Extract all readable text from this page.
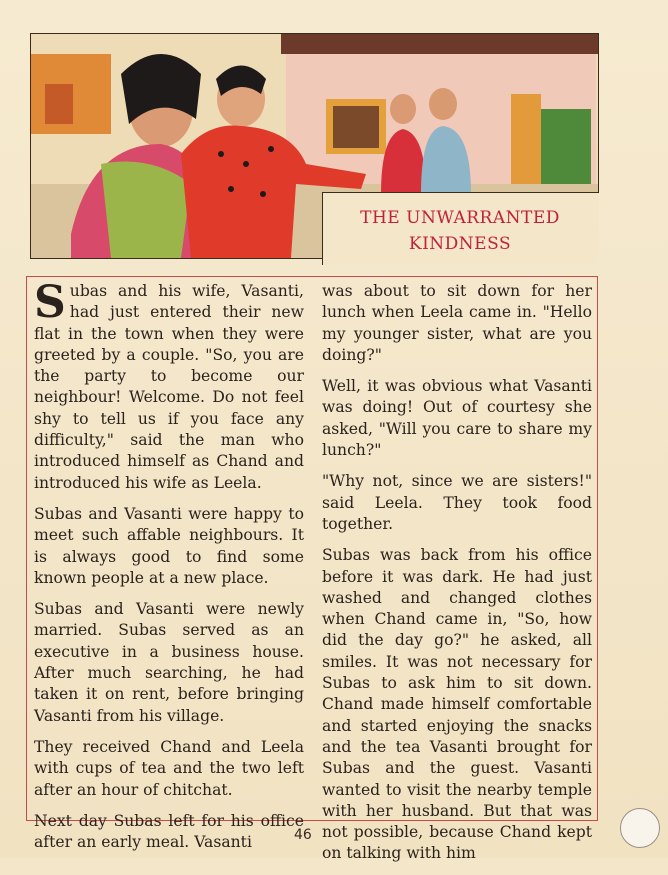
THE UNWARRANTED
KINDNESS

Subas and his wife, Vasanti, had just entered their new flat in the town when they were greeted by a couple. "So, you are the party to become our neighbour! Welcome. Do not feel shy to tell us if you face any difficulty," said the man who introduced himself as Chand and introduced his wife as Leela.

Subas and Vasanti were happy to meet such affable neighbours. It is always good to find some known people at a new place.

Subas and Vasanti were newly married. Subas served as an executive in a business house. After much searching, he had taken it on rent, before bringing Vasanti from his village.

They received Chand and Leela with cups of tea and the two left after an hour of chitchat.

Next day Subas left for his office after an early meal. Vasanti

was about to sit down for her lunch when Leela came in. "Hello my younger sister, what are you doing?"

Well, it was obvious what Vasanti was doing! Out of courtesy she asked, "Will you care to share my lunch?"

"Why not, since we are sisters!" said Leela. They took food together.

Subas was back from his office before it was dark. He had just washed and changed clothes when Chand came in, "So, how did the day go?" he asked, all smiles. It was not necessary for Subas to ask him to sit down. Chand made himself comfortable and started enjoying the snacks and the tea Vasanti brought for Subas and the guest. Vasanti wanted to visit the nearby temple with her husband. But that was not possible, because Chand kept on talking with him

46
